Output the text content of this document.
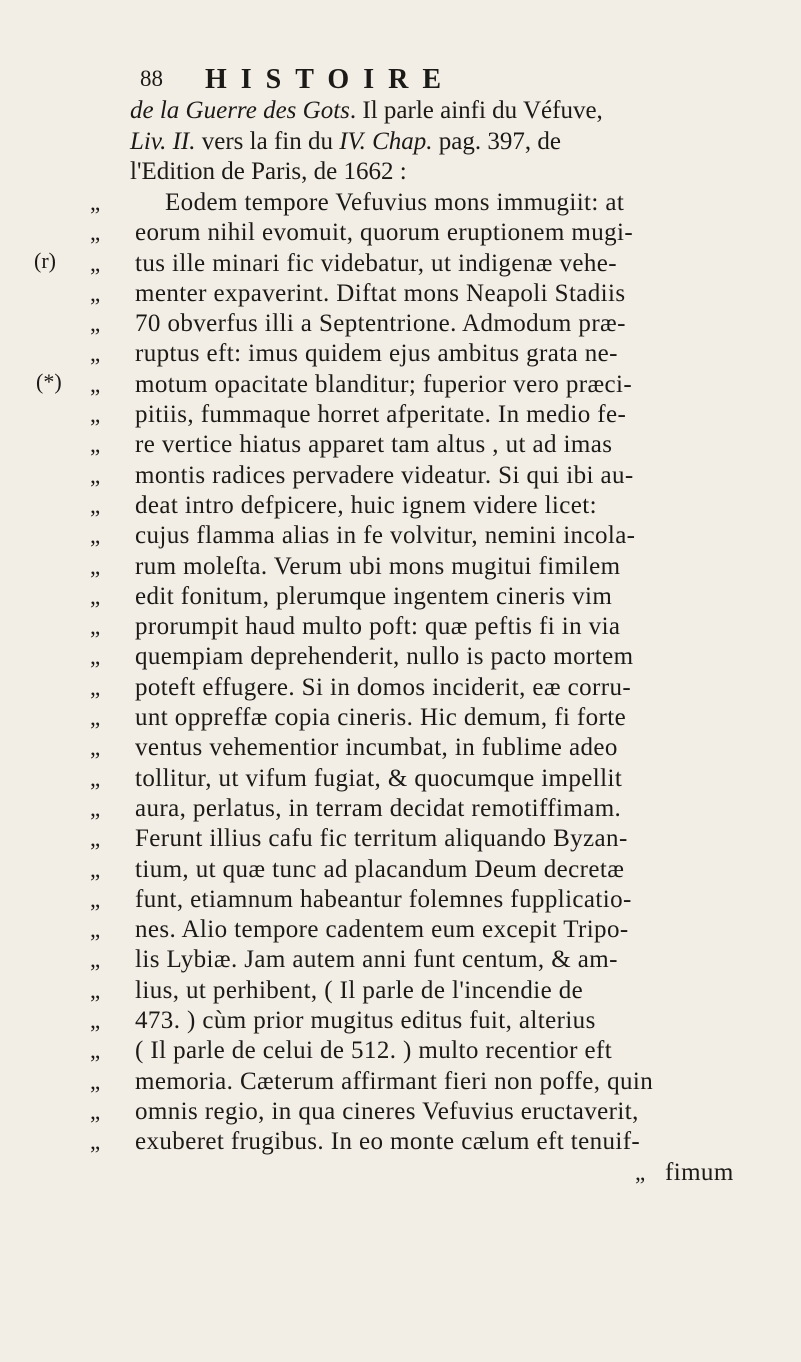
88 HISTOIRE
de la Guerre des Gots. Il parle ainfi du Véfuve,
Liv. II. vers la fin du IV. Chap. pag. 397, de
l'Edition de Paris, de 1662 :
(r)
(*)
„	Eodem tempore Vefuvius mons immugiit: at
„	eorum nihil evomuit, quorum eruptionem mugi-
„	tus ille minari fic videbatur, ut indigenæ vehe-
„	menter expaverint. Diftat mons Neapoli Stadiis
„	70 obverfus illi a Septentrione. Admodum præ-
„	ruptus eft: imus quidem ejus ambitus grata ne-
„	motum opacitate blanditur; fuperior vero præci-
„	pitiis, fummaque horret afperitate. In medio fe-
„	re vertice hiatus apparet tam altus , ut ad imas
„	montis radices pervadere videatur. Si qui ibi au-
„	deat intro defpicere, huic ignem videre licet:
„	cujus flamma alias in fe volvitur, nemini incola-
„	rum moleſta. Verum ubi mons mugitui fimilem
„	edit fonitum, plerumque ingentem cineris vim
„	prorumpit haud multo poft: quæ peftis fi in via
„	quempiam deprehenderit, nullo is pacto mortem
„	poteft effugere. Si in domos inciderit, eæ corru-
„	unt oppreffæ copia cineris. Hic demum, fi forte
„	ventus vehementior incumbat, in fublime adeo
„	tollitur, ut vifum fugiat, & quocumque impellit
„	aura, perlatus, in terram decidat remotiffimam.
„	Ferunt illius cafu fic territum aliquando Byzan-
„	tium, ut quæ tunc ad placandum Deum decretæ
„	funt, etiamnum habeantur folemnes fupplicatio-
„	nes. Alio tempore cadentem eum excepit Tripo-
„	lis Lybiæ. Jam autem anni funt centum, & am-
„	lius, ut perhibent, ( Il parle de l'incendie de
„	473. ) cùm prior mugitus editus fuit, alterius
„	( Il parle de celui de 512. ) multo recentior eft
„	memoria. Cæterum affirmant fieri non poffe, quin
„	omnis regio, in qua cineres Vefuvius eructaverit,
„	exuberet frugibus. In eo monte cælum eft tenuif-
„ fimum
